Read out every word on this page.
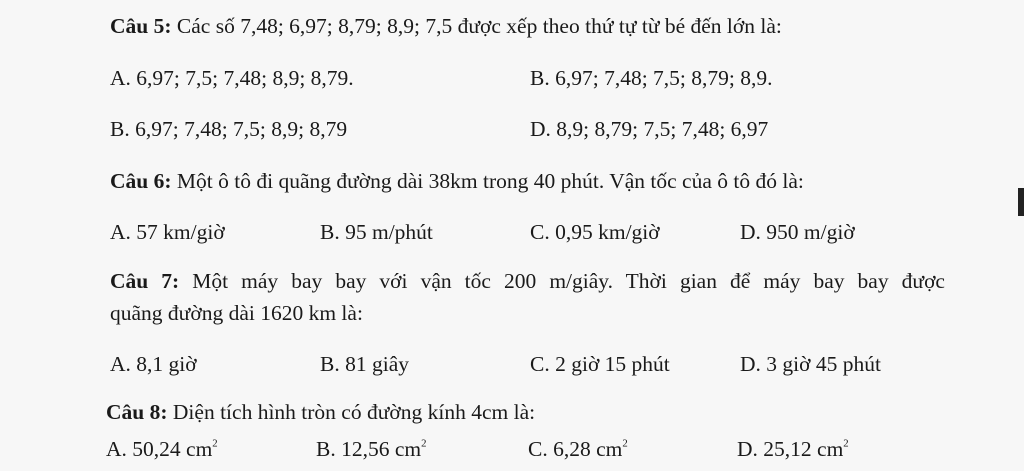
Câu 5: Các số 7,48; 6,97; 8,79; 8,9; 7,5 được xếp theo thứ tự từ bé đến lớn là:
A. 6,97; 7,5; 7,48; 8,9; 8,79.	B. 6,97; 7,48; 7,5; 8,79; 8,9.
B. 6,97; 7,48; 7,5; 8,9; 8,79	D. 8,9; 8,79; 7,5; 7,48; 6,97
Câu 6: Một ô tô đi quãng đường dài 38km trong 40 phút. Vận tốc của ô tô đó là:
A. 57 km/giờ	B. 95 m/phút	C. 0,95 km/giờ	D. 950 m/giờ
Câu 7: Một máy bay bay với vận tốc 200 m/giây. Thời gian để máy bay bay được
quãng đường dài 1620 km là:
A. 8,1 giờ	B. 81 giây	C. 2 giờ 15 phút	D. 3 giờ 45 phút
Câu 8: Diện tích hình tròn có đường kính 4cm là:
A. 50,24 $cm^2$	B. 12,56 $cm^2$	C. 6,28 $cm^2$	D. 25,12 $cm^2$
